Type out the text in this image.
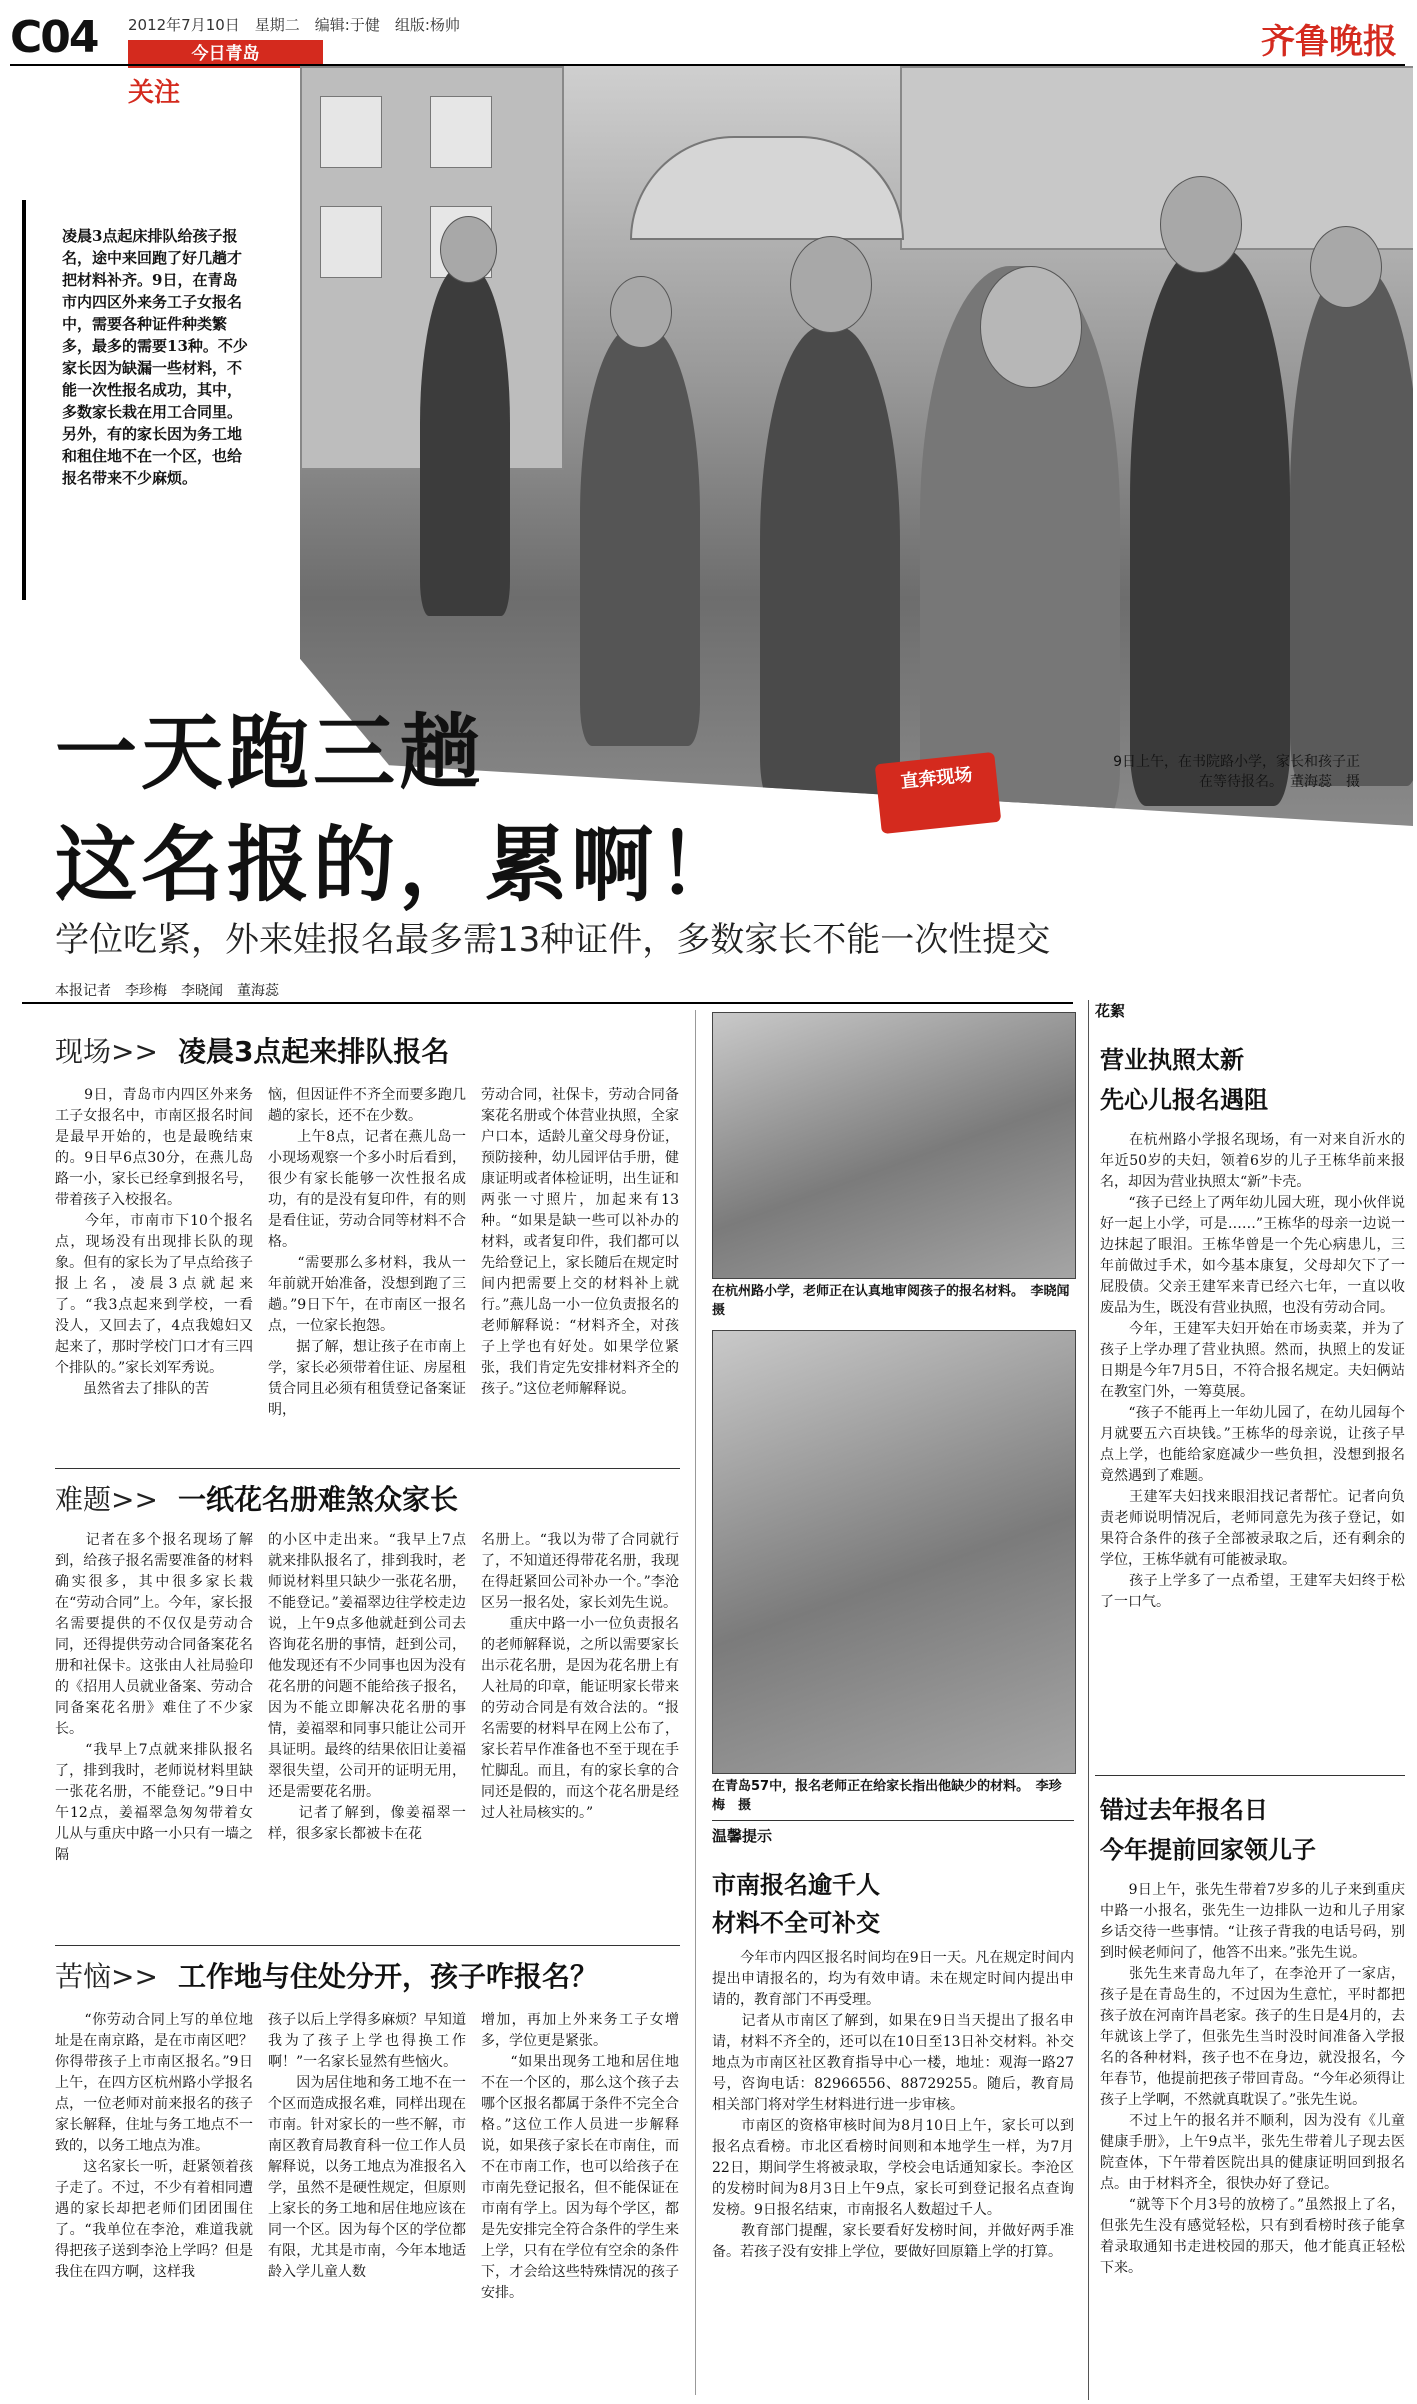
C04 2012年7月10日　星期二　编辑:于健　组版:杨帅
今日青岛
关注
齐鲁晚报
凌晨3点起床排队给孩子报名，途中来回跑了好几趟才把材料补齐。9日，在青岛市内四区外来务工子女报名中，需要各种证件种类繁多，最多的需要13种。不少家长因为缺漏一些材料，不能一次性报名成功，其中，多数家长栽在用工合同里。另外，有的家长因为务工地和租住地不在一个区，也给报名带来不少麻烦。
直奔现场
9日上午，在书院路小学，家长和孩子正在等待报名。　董海蕊　摄
一天跑三趟
这名报的，累啊！
学位吃紧，外来娃报名最多需13种证件，多数家长不能一次性提交
本报记者　李珍梅　李晓闻　董海蕊
现场>> 凌晨3点起来排队报名
　　9日，青岛市内四区外来务工子女报名中，市南区报名时间是最早开始的，也是最晚结束的。9日早6点30分，在燕儿岛路一小，家长已经拿到报名号，带着孩子入校报名。
　　今年，市南市下10个报名点，现场没有出现排长队的现象。但有的家长为了早点给孩子报上名，凌晨3点就起来了。“我3点起来到学校，一看没人，又回去了，4点我媳妇又起来了，那时学校门口才有三四个排队的。”家长刘军秀说。
　　虽然省去了排队的苦
恼，但因证件不齐全而要多跑几趟的家长，还不在少数。
　　上午8点，记者在燕儿岛一小现场观察一个多小时后看到，很少有家长能够一次性报名成功，有的是没有复印件，有的则是看住证，劳动合同等材料不合格。
　　“需要那么多材料，我从一年前就开始准备，没想到跑了三趟。”9日下午，在市南区一报名点，一位家长抱怨。
　　据了解，想让孩子在市南上学，家长必须带着住证、房屋租赁合同且必须有租赁登记备案证明，
劳动合同，社保卡，劳动合同备案花名册或个体营业执照，全家户口本，适龄儿童父母身份证，预防接种，幼儿园评估手册，健康证明或者体检证明，出生证和两张一寸照片，加起来有13种。“如果是缺一些可以补办的材料，或者复印件，我们都可以先给登记上，家长随后在规定时间内把需要上交的材料补上就行。”燕儿岛一小一位负责报名的老师解释说：“材料齐全，对孩子上学也有好处。如果学位紧张，我们肯定先安排材料齐全的孩子。”这位老师解释说。
难题>> 一纸花名册难煞众家长
　　记者在多个报名现场了解到，给孩子报名需要准备的材料确实很多，其中很多家长栽在“劳动合同”上。今年，家长报名需要提供的不仅仅是劳动合同，还得提供劳动合同备案花名册和社保卡。这张由人社局验印的《招用人员就业备案、劳动合同备案花名册》难住了不少家长。
　　“我早上7点就来排队报名了，排到我时，老师说材料里缺一张花名册，不能登记。”9日中午12点，姜福翠急匆匆带着女儿从与重庆中路一小只有一墙之隔
的小区中走出来。“我早上7点就来排队报名了，排到我时，老师说材料里只缺少一张花名册，不能登记。”姜福翠边往学校走边说，上午9点多他就赶到公司去咨询花名册的事情，赶到公司，他发现还有不少同事也因为没有花名册的问题不能给孩子报名，因为不能立即解决花名册的事情，姜福翠和同事只能让公司开具证明。最终的结果依旧让姜福翠很失望，公司开的证明无用，还是需要花名册。
　　记者了解到，像姜福翠一样，很多家长都被卡在花
名册上。“我以为带了合同就行了，不知道还得带花名册，我现在得赶紧回公司补办一个。”李沧区另一报名处，家长刘先生说。
　　重庆中路一小一位负责报名的老师解释说，之所以需要家长出示花名册，是因为花名册上有人社局的印章，能证明家长带来的劳动合同是有效合法的。“报名需要的材料早在网上公布了，家长若早作准备也不至于现在手忙脚乱。而且，有的家长拿的合同还是假的，而这个花名册是经过人社局核实的。”
苦恼>> 工作地与住处分开，孩子咋报名？
　　“你劳动合同上写的单位地址是在南京路，是在市南区吧？你得带孩子上市南区报名。”9日上午，在四方区杭州路小学报名点，一位老师对前来报名的孩子家长解释，住址与务工地点不一致的，以务工地点为准。
　　这名家长一听，赶紧领着孩子走了。不过，不少有着相同遭遇的家长却把老师们团团围住了。“我单位在李沧，难道我就得把孩子送到李沧上学吗？但是我住在四方啊，这样我
孩子以后上学得多麻烦？早知道我为了孩子上学也得换工作啊！”一名家长显然有些恼火。
　　因为居住地和务工地不在一个区而造成报名难，同样出现在市南。针对家长的一些不解，市南区教育局教育科一位工作人员解释说，以务工地点为准报名入学，虽然不是硬性规定，但原则上家长的务工地和居住地应该在同一个区。因为每个区的学位都有限，尤其是市南，今年本地适龄入学儿童人数
增加，再加上外来务工子女增多，学位更是紧张。
　　“如果出现务工地和居住地不在一个区的，那么这个孩子去哪个区报名都属于条件不完全合格。”这位工作人员进一步解释说，如果孩子家长在市南住，而不在市南工作，也可以给孩子在市南先登记报名，但不能保证在市南有学上。因为每个学区，都是先安排完全符合条件的学生来上学，只有在学位有空余的条件下，才会给这些特殊情况的孩子安排。
在杭州路小学，老师正在认真地审阅孩子的报名材料。　李晓闻　摄
在青岛57中，报名老师正在给家长指出他缺少的材料。　李珍梅　摄
温馨提示
市南报名逾千人
材料不全可补交
　　今年市内四区报名时间均在9日一天。凡在规定时间内提出申请报名的，均为有效申请。未在规定时间内提出申请的，教育部门不再受理。
　　记者从市南区了解到，如果在9日当天提出了报名申请，材料不齐全的，还可以在10日至13日补交材料。补交地点为市南区社区教育指导中心一楼，地址：观海一路27号，咨询电话：82966556、88729255。随后，教育局相关部门将对学生材料进行进一步审核。
　　市南区的资格审核时间为8月10日上午，家长可以到报名点看榜。市北区看榜时间则和本地学生一样，为7月22日，期间学生将被录取，学校会电话通知家长。李沧区的发榜时间为8月3日上午9点，家长可到登记报名点查询发榜。9日报名结束，市南报名人数超过千人。
　　教育部门提醒，家长要看好发榜时间，并做好两手准备。若孩子没有安排上学位，要做好回原籍上学的打算。
花絮
营业执照太新
先心儿报名遇阻
　　在杭州路小学报名现场，有一对来自沂水的年近50岁的夫妇，领着6岁的儿子王栋华前来报名，却因为营业执照太“新”卡壳。
　　“孩子已经上了两年幼儿园大班，现小伙伴说好一起上小学，可是……”王栋华的母亲一边说一边抹起了眼泪。王栋华曾是一个先心病患儿，三年前做过手术，如今基本康复，父母却欠下了一屁股债。父亲王建军来青已经六七年，一直以收废品为生，既没有营业执照，也没有劳动合同。
　　今年，王建军夫妇开始在市场卖菜，并为了孩子上学办理了营业执照。然而，执照上的发证日期是今年7月5日，不符合报名规定。夫妇俩站在教室门外，一筹莫展。
　　“孩子不能再上一年幼儿园了，在幼儿园每个月就要五六百块钱。”王栋华的母亲说，让孩子早点上学，也能给家庭减少一些负担，没想到报名竟然遇到了难题。
　　王建军夫妇找来眼泪找记者帮忙。记者向负责老师说明情况后，老师同意先为孩子登记，如果符合条件的孩子全部被录取之后，还有剩余的学位，王栋华就有可能被录取。
　　孩子上学多了一点希望，王建军夫妇终于松了一口气。
错过去年报名日
今年提前回家领儿子
　　9日上午，张先生带着7岁多的儿子来到重庆中路一小报名，张先生一边排队一边和儿子用家乡话交待一些事情。“让孩子背我的电话号码，别到时候老师问了，他答不出来。”张先生说。
　　张先生来青岛九年了，在李沧开了一家店，孩子是在青岛生的，不过因为生意忙，平时都把孩子放在河南许昌老家。孩子的生日是4月的，去年就该上学了，但张先生当时没时间准备入学报名的各种材料，孩子也不在身边，就没报名，今年春节，他提前把孩子带回青岛。“今年必须得让孩子上学啊，不然就真耽误了。”张先生说。
　　不过上午的报名并不顺利，因为没有《儿童健康手册》，上午9点半，张先生带着儿子现去医院查体，下午带着医院出具的健康证明回到报名点。由于材料齐全，很快办好了登记。
　　“就等下个月3号的放榜了。”虽然报上了名，但张先生没有感觉轻松，只有到看榜时孩子能拿着录取通知书走进校园的那天，他才能真正轻松下来。
